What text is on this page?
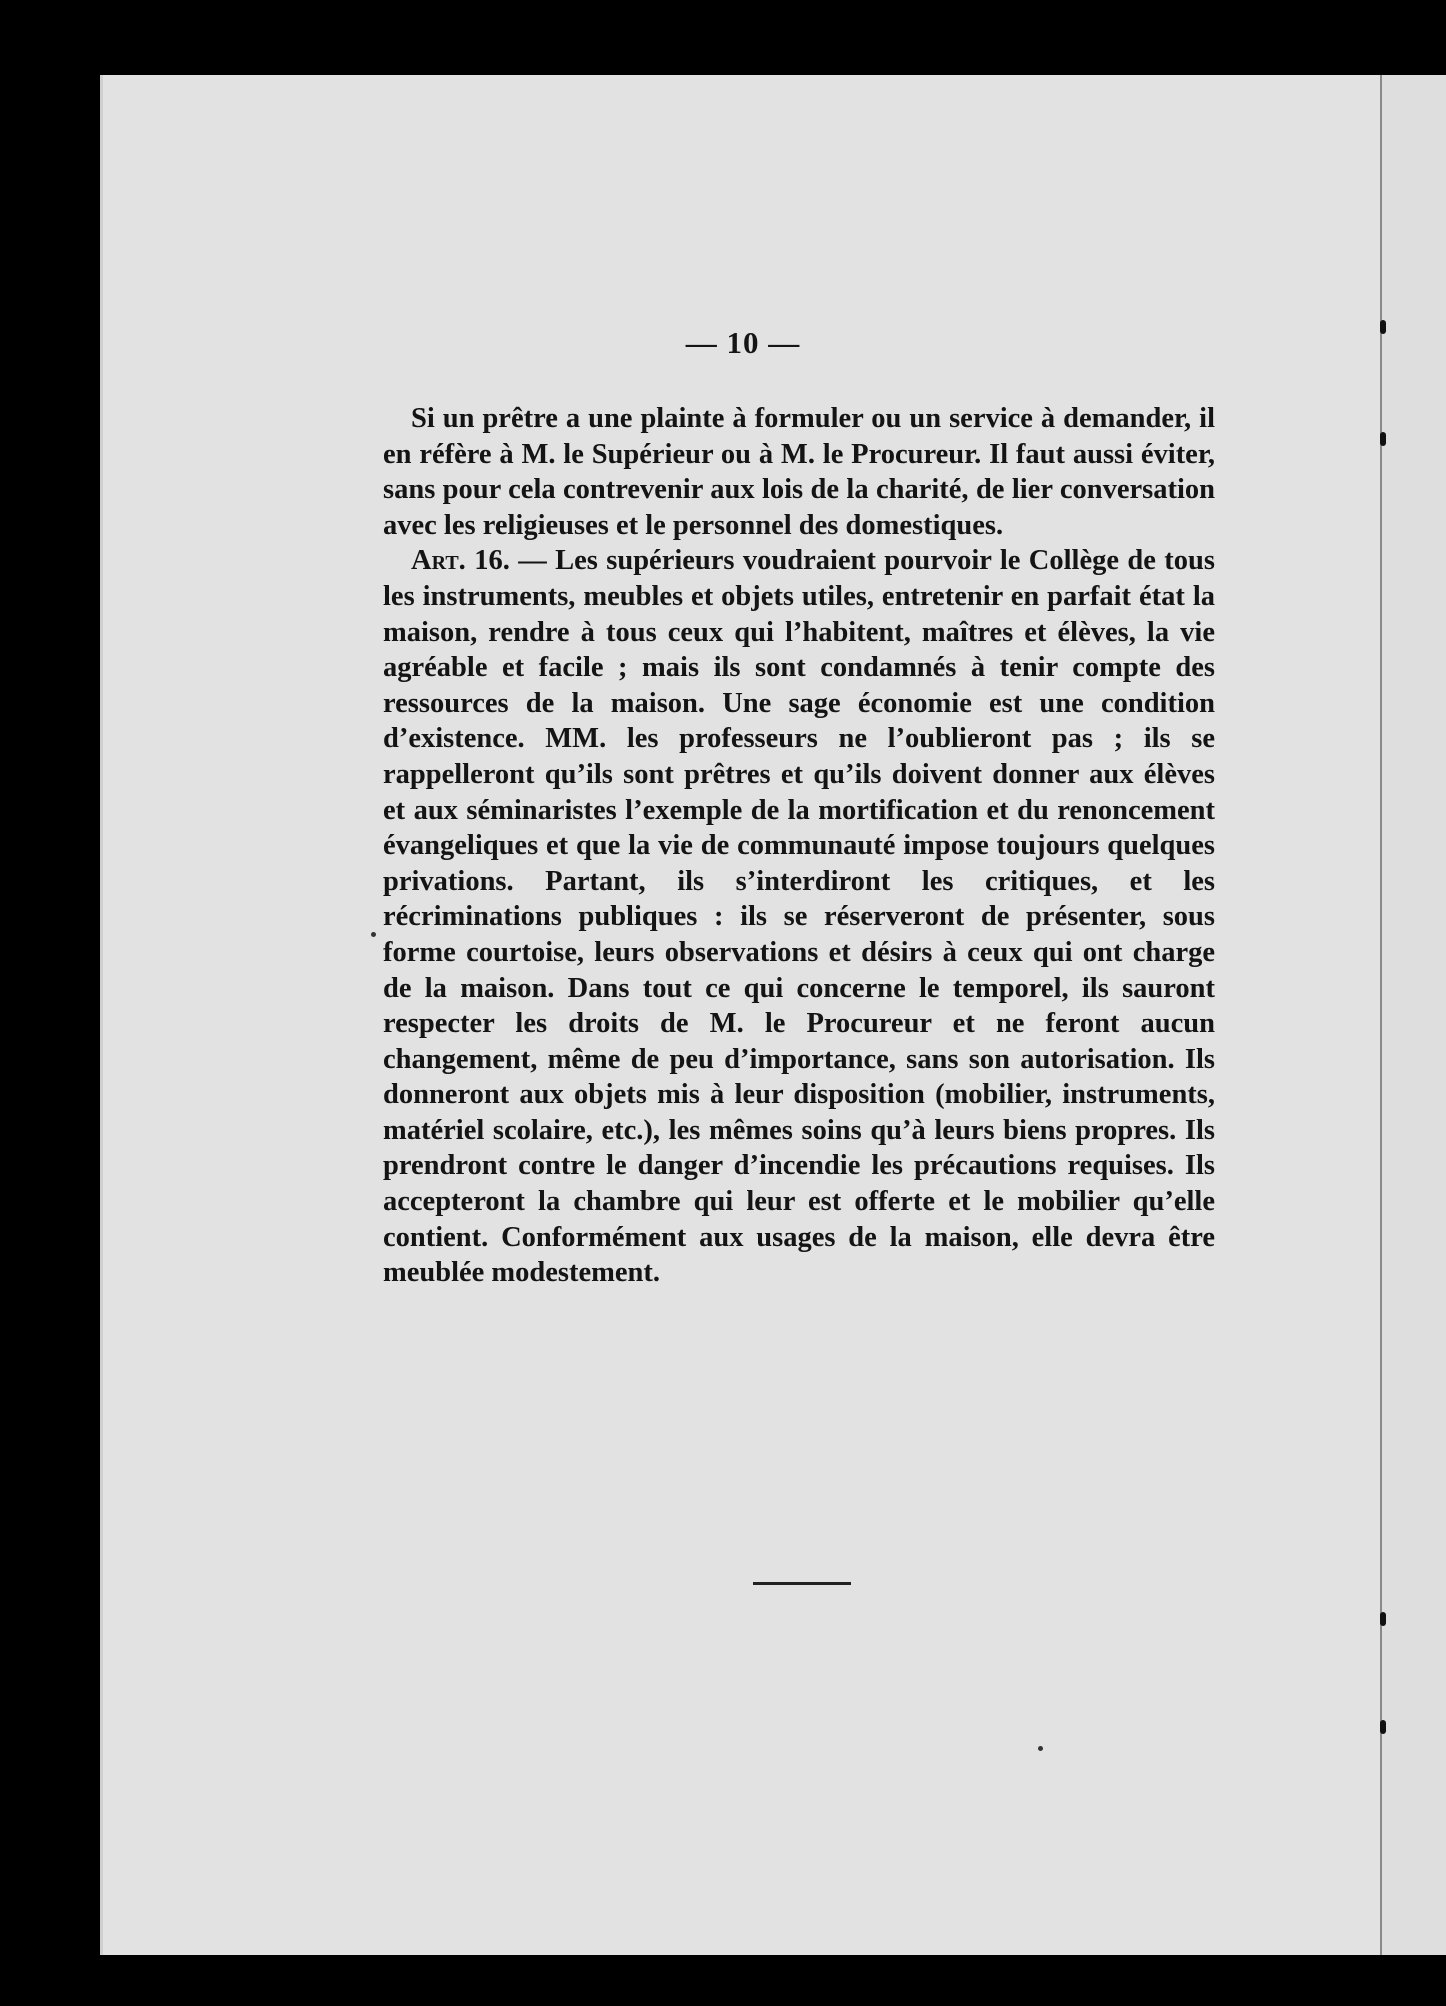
— 10 —

Si un prêtre a une plainte à formuler ou un service à demander, il en réfère à M. le Supérieur ou à M. le Procureur. Il faut aussi éviter, sans pour cela contrevenir aux lois de la charité, de lier conversation avec les religieuses et le personnel des domestiques.

Art. 16. — Les supérieurs voudraient pourvoir le Collège de tous les instruments, meubles et objets utiles, entretenir en parfait état la maison, rendre à tous ceux qui l’habitent, maîtres et élèves, la vie agréable et facile ; mais ils sont condamnés à tenir compte des ressources de la maison. Une sage économie est une condition d’existence. MM. les professeurs ne l’oublieront pas ; ils se rappelleront qu’ils sont prêtres et qu’ils doivent donner aux élèves et aux séminaristes l’exemple de la mortification et du renoncement évangeliques et que la vie de communauté impose toujours quelques privations. Partant, ils s’interdiront les critiques, et les récriminations publiques : ils se réserveront de présenter, sous forme courtoise, leurs observations et désirs à ceux qui ont charge de la maison. Dans tout ce qui concerne le temporel, ils sauront respecter les droits de M. le Procureur et ne feront aucun changement, même de peu d’importance, sans son autorisation. Ils donneront aux objets mis à leur disposition (mobilier, instruments, matériel scolaire, etc.), les mêmes soins qu’à leurs biens propres. Ils prendront contre le danger d’incendie les précautions requises. Ils accepteront la chambre qui leur est offerte et le mobilier qu’elle contient. Conformément aux usages de la maison, elle devra être meublée modestement.
